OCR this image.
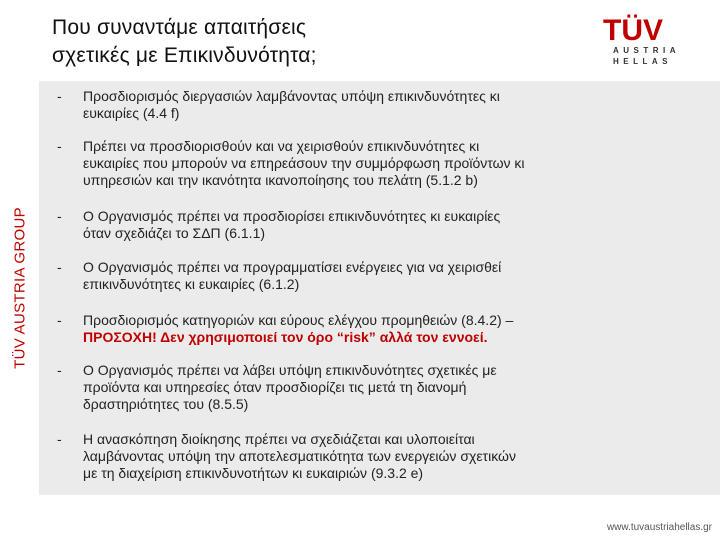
Που συναντάμε απαιτήσεις
σχετικές με Επικινδυνότητα;
TÜV
AUSTRIA
HELLAS
TÜV AUSTRIA GROUP
- Προσδιορισμός διεργασιών λαμβάνοντας υπόψη επικινδυνότητες κι
ευκαιρίες (4.4 f)
- Πρέπει να προσδιορισθούν και να χειρισθούν επικινδυνότητες κι
ευκαιρίες που μπορούν να επηρεάσουν την συμμόρφωση προϊόντων κι
υπηρεσιών και την ικανότητα ικανοποίησης του πελάτη (5.1.2 b)
- Ο Οργανισμός πρέπει να προσδιορίσει επικινδυνότητες κι ευκαιρίες
όταν σχεδιάζει το ΣΔΠ (6.1.1)
- Ο Οργανισμός πρέπει να προγραμματίσει ενέργειες για να χειρισθεί
επικινδυνότητες κι ευκαιρίες (6.1.2)
- Προσδιορισμός κατηγοριών και εύρους ελέγχου προμηθειών (8.4.2) –
ΠΡΟΣΟΧΗ! Δεν χρησιμοποιεί τον όρο “risk” αλλά τον εννοεί.
- Ο Οργανισμός πρέπει να λάβει υπόψη επικινδυνότητες σχετικές με
προϊόντα και υπηρεσίες όταν προσδιορίζει τις μετά τη διανομή
δραστηριότητες του (8.5.5)
- Η ανασκόπηση διοίκησης πρέπει να σχεδιάζεται και υλοποιείται
λαμβάνοντας υπόψη την αποτελεσματικότητα των ενεργειών σχετικών
με τη διαχείριση επικινδυνοτήτων κι ευκαιριών (9.3.2 e)
www.tuvaustriahellas.gr
